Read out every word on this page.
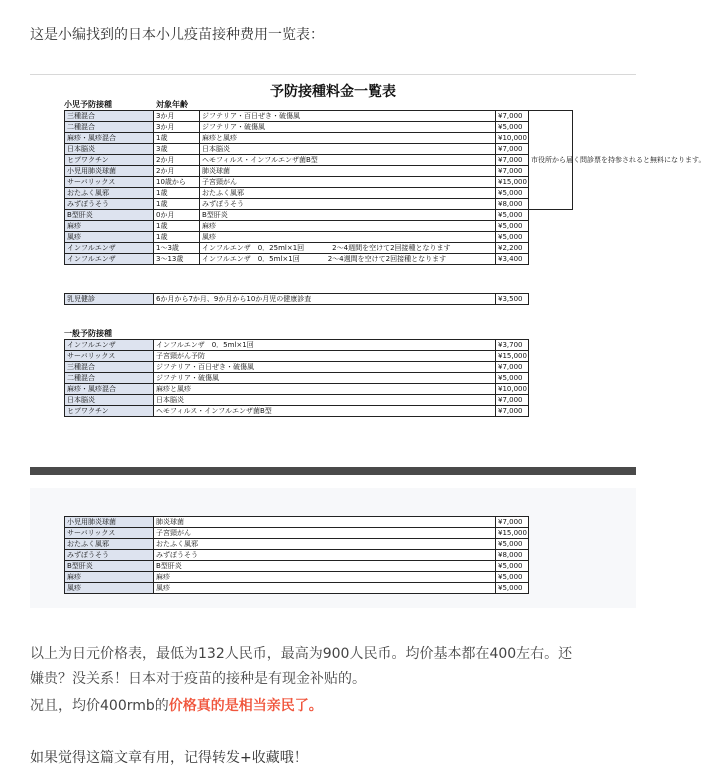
这是小编找到的日本小儿疫苗接种费用一览表：
予防接種料金一覧表
小児予防接種	対象年齢
三種混合	3か月	ジフテリア・百日ぜき・破傷風	¥7,000	市役所から届く問診票を持参されると無料になります。
二種混合	3か月	ジフテリア・破傷風	¥5,000	
麻疹・風疹混合	1歳	麻疹と風疹	¥10,000	
日本脳炎	3歳	日本脳炎	¥7,000	
ヒブワクチン	2か月	ヘモフィルス・インフルエンザ菌B型	¥7,000	
小児用肺炎球菌	2か月	肺炎球菌	¥7,000	
サーバリックス	10歳から	子宮頸がん	¥15,000	
おたふく風邪	1歳	おたふく風邪	¥5,000	
みずぼうそう	1歳	みずぼうそう	¥8,000	
B型肝炎	0か月	B型肝炎	¥5,000	
麻疹	1歳	麻疹	¥5,000	
風疹	1歳	風疹	¥5,000	
インフルエンザ	1～3歳	インフルエンザ　0．25ml×1回　　　　2～4週間を空けて2回接種となります	¥2,200	
インフルエンザ	3～13歳	インフルエンザ　0．5ml×1回　　　　2～4週間を空けて2回接種となります	¥3,400	
乳児健診	6か月から7か月、9か月から10か月児の健康診査	¥3,500
一般予防接種
インフルエンザ	インフルエンザ　0．5ml×1回	¥3,700
サーバリックス	子宮頸がん予防	¥15,000
三種混合	ジフテリア・百日ぜき・破傷風	¥7,000
二種混合	ジフテリア・破傷風	¥5,000
麻疹・風疹混合	麻疹と風疹	¥10,000
日本脳炎	日本脳炎	¥7,000
ヒブワクチン	ヘモフィルス・インフルエンザ菌B型	¥7,000
小児用肺炎球菌	肺炎球菌	¥7,000
サーバリックス	子宮頸がん	¥15,000
おたふく風邪	おたふく風邪	¥5,000
みずぼうそう	みずぼうそう	¥8,000
B型肝炎	B型肝炎	¥5,000
麻疹	麻疹	¥5,000
風疹	風疹	¥5,000
以上为日元价格表，最低为132人民币，最高为900人民币。均价基本都在400左右。还
嫌贵？没关系！日本对于疫苗的接种是有现金补贴的。
况且，均价400rmb的价格真的是相当亲民了。
如果觉得这篇文章有用，记得转发+收藏哦！
